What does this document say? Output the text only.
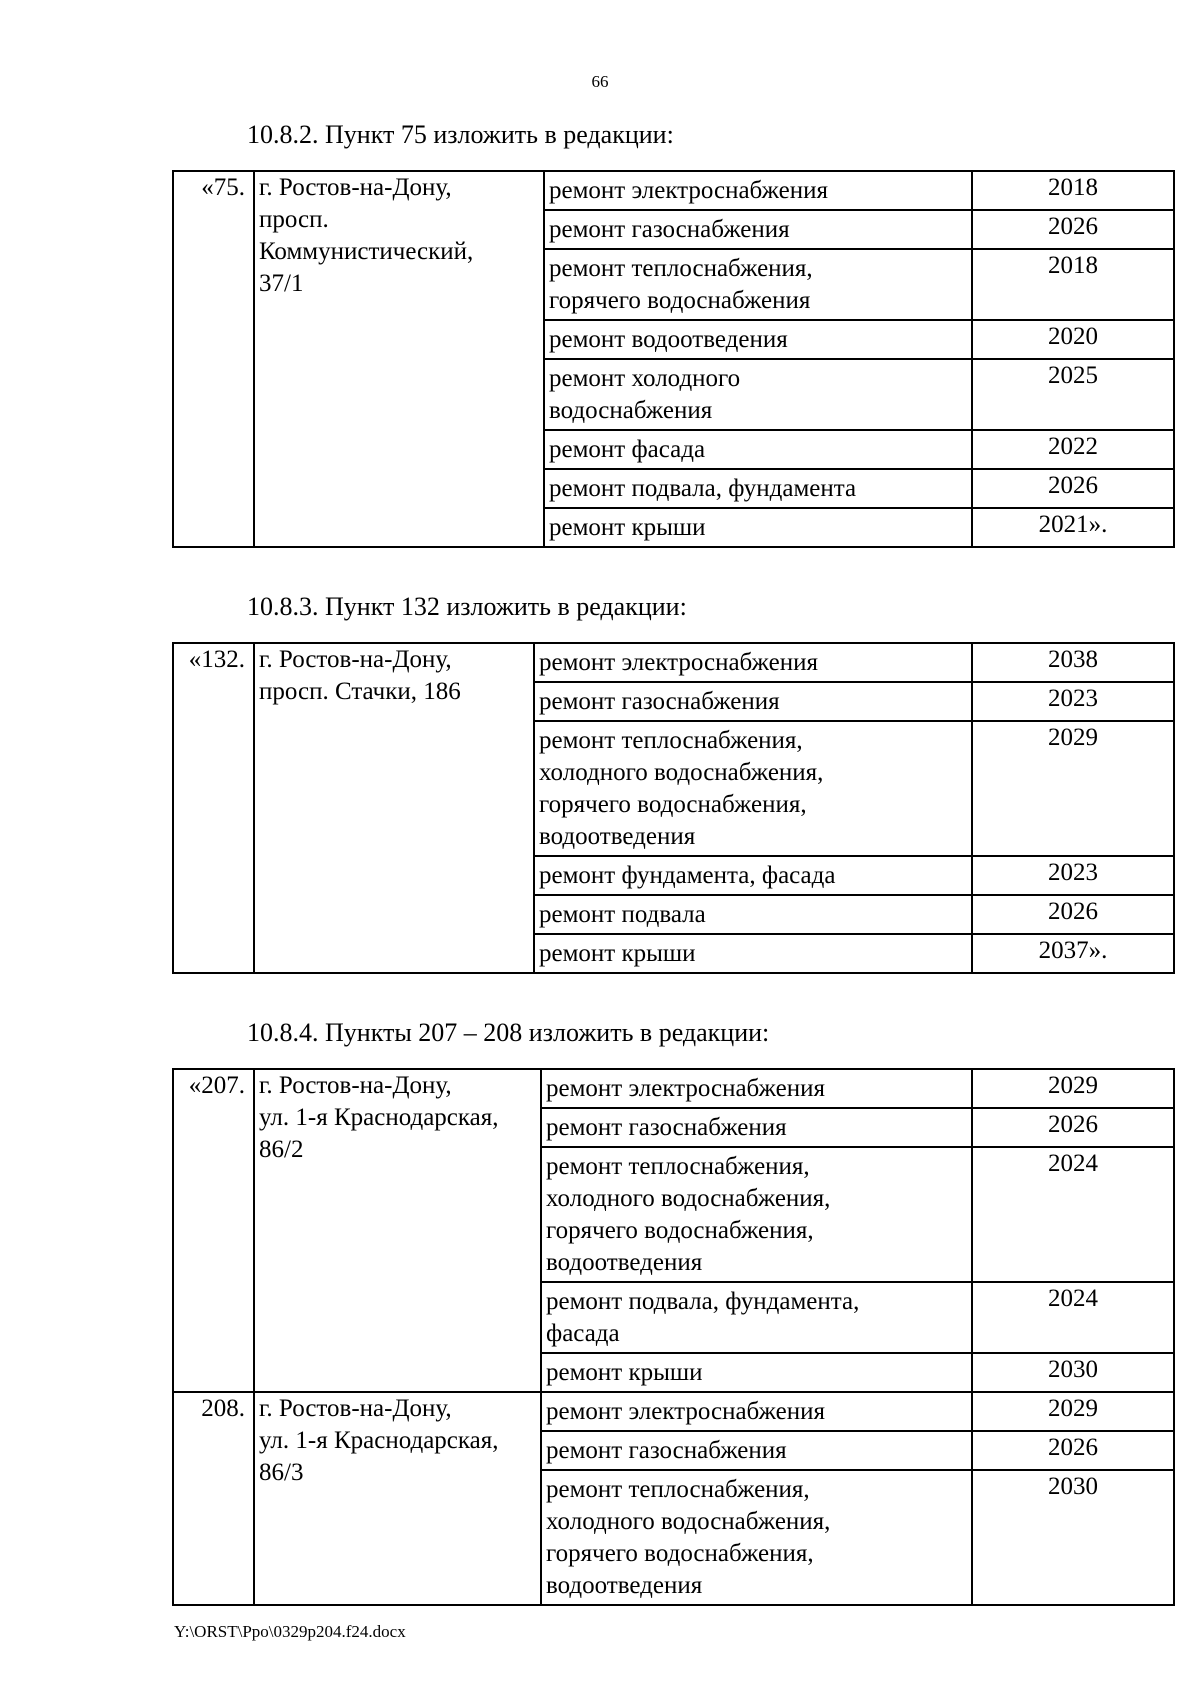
66
10.8.2. Пункт 75 изложить в редакции:
«75.	г. Ростов-на-Дону,
просп.
Коммунистический,
37/1	ремонт электроснабжения	2018
		ремонт газоснабжения	2026
		ремонт теплоснабжения,
горячего водоснабжения	2018
		ремонт водоотведения	2020
		ремонт холодного
водоснабжения	2025
		ремонт фасада	2022
		ремонт подвала, фундамента	2026
		ремонт крыши	2021».
10.8.3. Пункт 132 изложить в редакции:
«132.	г. Ростов-на-Дону,
просп. Стачки, 186	ремонт электроснабжения	2038
		ремонт газоснабжения	2023
		ремонт теплоснабжения,
холодного водоснабжения,
горячего водоснабжения,
водоотведения	2029
		ремонт фундамента, фасада	2023
		ремонт подвала	2026
		ремонт крыши	2037».
10.8.4. Пункты 207 – 208 изложить в редакции:
«207.	г. Ростов-на-Дону,
ул. 1-я Краснодарская,
86/2	ремонт электроснабжения	2029
		ремонт газоснабжения	2026
		ремонт теплоснабжения,
холодного водоснабжения,
горячего водоснабжения,
водоотведения	2024
		ремонт подвала, фундамента,
фасада	2024
		ремонт крыши	2030
208.	г. Ростов-на-Дону,
ул. 1-я Краснодарская,
86/3	ремонт электроснабжения	2029
		ремонт газоснабжения	2026
		ремонт теплоснабжения,
холодного водоснабжения,
горячего водоснабжения,
водоотведения	2030
Y:\ORST\Ppo\0329p204.f24.docx
